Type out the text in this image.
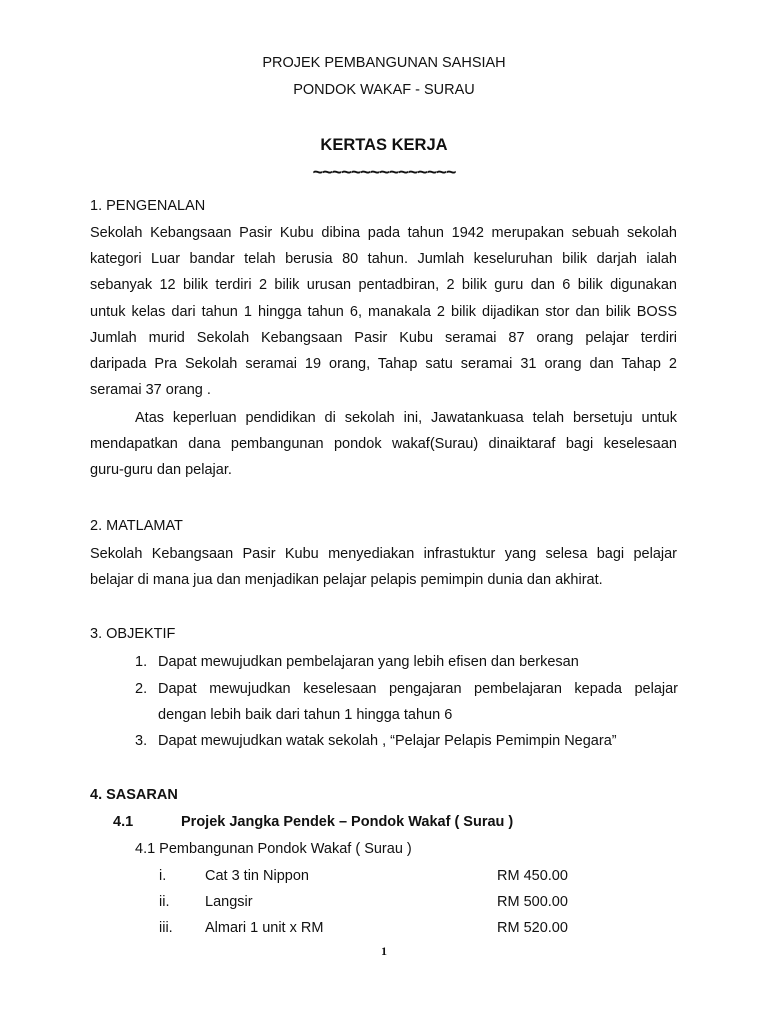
PROJEK PEMBANGUNAN SAHSIAH
PONDOK WAKAF - SURAU
KERTAS KERJA
~~~~~~~~~~~~~~~
1. PENGENALAN
Sekolah Kebangsaan Pasir Kubu dibina pada tahun 1942 merupakan sebuah sekolah
kategori Luar bandar telah berusia 80 tahun. Jumlah keseluruhan bilik darjah ialah
sebanyak 12 bilik terdiri 2 bilik urusan pentadbiran, 2 bilik guru dan 6 bilik digunakan
untuk kelas dari tahun 1 hingga tahun 6, manakala 2 bilik dijadikan stor dan bilik BOSS
Jumlah murid Sekolah Kebangsaan Pasir Kubu seramai 87 orang pelajar terdiri
daripada Pra Sekolah seramai 19 orang, Tahap satu seramai 31 orang dan Tahap 2
seramai 37 orang .
Atas keperluan pendidikan di sekolah ini, Jawatankuasa telah bersetuju untuk
mendapatkan dana pembangunan pondok wakaf(Surau) dinaiktaraf bagi keselesaan
guru-guru dan pelajar.
2. MATLAMAT
Sekolah Kebangsaan Pasir Kubu menyediakan infrastuktur yang selesa bagi pelajar
belajar di mana jua dan menjadikan pelajar pelapis pemimpin dunia dan akhirat.
3. OBJEKTIF
1. Dapat mewujudkan pembelajaran yang lebih efisen dan berkesan
2. Dapat mewujudkan keselesaan pengajaran pembelajaran kepada pelajar
dengan lebih baik dari tahun 1 hingga tahun 6
3. Dapat mewujudkan watak sekolah , “Pelajar Pelapis Pemimpin Negara”
4. SASARAN
4.1	Projek Jangka Pendek – Pondok Wakaf ( Surau )
4.1 Pembangunan Pondok Wakaf ( Surau )
i.	Cat 3 tin Nippon	RM 450.00
ii. Langsir	RM 500.00
iii. Almari 1 unit x RM	RM 520.00
1
